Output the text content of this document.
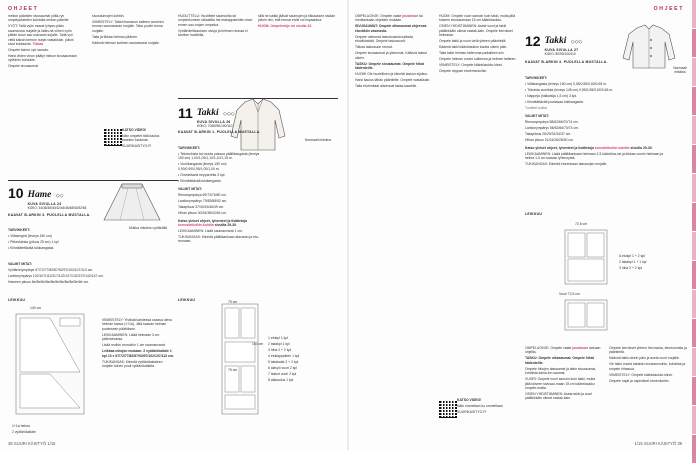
OHJEET

mekon pääntien sivusaumat yöltä-ryn ompelyalueiden kohdalla mekon pääntie

VYÖT: Taitä vyön osarat lyhyen-pään saumavara nurjalle ja kään-nä vöhen vyön pitkän sivun sau-mavarat nurjalle. Taitä vyö vielä kaksin kerroin nurjat vastakkain, jolloin sivut kohtaavat. Tikkaa

Ompele toinen vyö samoin.

Harsi viiden vinon päälyt mekon sivusaumaan vyötärön kohdalle.

Ompele sivusaumat.

sivusaumojen kohtiin.

VIIMEISTELY: Taita hihansuun kaiteen avoimen reunan saumavaran nurjalle. Taita puolin reuna nurjalle.

Taita ja tikkaa helman päärme.

Käännä helman kuitinen saumavarat nurjalle.

KATSO VIDEO!

Näin ompelet tätä kaulus bannien kaulusta

SUURIKASITYO.FI

HUOLITTELU: Huolittele saumurilla tai ompelukoneen siksakilla hel-makappaleiden sivut ennen sau-mojen ompelua.

Vyötäröleikkauksen sivuja ja helman reunaa ei tarvitse huolitella,

sillä ne kaikki jäävät saumojen ja tikkauksen sisään jolloin niin, että reunat eivät voi rispaantua.

HUOM: Ompeleohje on sivulla 23.

11 Takki ◇◇◇
KUVA SIVULLA 26
KOKO: 70/80/90/100/110
Normaali mitoitus
KAAVAT B-ARKIN 1. PUOLELLA MUSTALLA.

TARVIKKEET:

• Tekoturkista tai muuta paksua päällikangasta (leveys 150 cm) 1,00/1,05/1,10/1,10/1,15 m.

• Vuorikangasta (leveys 150 cm) 0,90/0,90/0,95/1,00/1,00 m.

• Ommeltavia nepparreita 3 kpl.

• Kiinnitättävää tukikangasta.

VALMIT MITAT:

Rinnanympärys 69/73/76/80 cm.

Lantionympärys 79/83/88/92 cm.

Takapituus 37/40/43/46/49 cm.

Hihan pituus 30/34/38/42/46 cm.

Katso yleiset ohjeet, lyhenteet ja lisätietoja kerrostettuihin kohtiin sivuilta 29-30.

LEIKKAAMINEN: Lisää saumanvarat 1 cm.

TUKIKANGAS: Kiinnitä päällikankaan alavaran ja etu-reunaan.

LEIKKUU	75 cm
150 cm
75 cm

1 etukpl 1 kpl

2 takakpl 1 kpl

3 hiha 2 + 2 kpl

4 etukappaleen 1 kpl

5 takakaita 2 + 2 kpl

6 alavyö vuori 2 kpl

7 taskut vuori 2 kpl

8 alakaulus 1 kpl

10 Hame ◇◇
KUVA SIVULLA 24
KOKO: 34/36/38/40/42/44/46/48/50/52/54
Mukka mitoitus vyötäröllä
KAAVAT B-ARKIN 3. PUOLELLA MUSTALLA.

TARVIKKEET:

• Villasergeä (leveys 150 cm)

• Pitkevlaksia (pituus 25 cm) 1 kpl

• Kiinnitätettävää tukikangasta.

VALMIT MITAT:

Vyötärönympärys 67/72/77/82/87/92/97/102/107/113 cm.

Lantionympärys 102/107/112/117/122/127/132/137/142/147 cm.

Hameen pituus 8e/8e/8e/8e/8e/8e/8e/8e/8e/8e/8e cm.

LEIKKUU
140 cm

1+1a helma

2 vyötärökaitale

VIIMEISTELY: Yhdistä kahdessa osassa oleva helman kaava (1+1a). Jätä kaavan helman puoleiseen päätöksen.

LEIKKAAMINEN: Lisää helmaan 3 cm päärmevaraa.

Lisää muihin reunoihin 1 cm saumanvarat.

Leikkaa mitojen mukaan: 2 vyötärökaitale 1 kpl 10 x 67/72/77/82/87/93/97/102/107/113 cm.

TUKIKANGAS: Kiinnitä vyötärökaitaleen nurjalle toinen puoli vyötärökaitalta.

38 SUURI KÄSITYÖ 1/15
OHJEET

OMPELUOHJE: Ompele vaate joustavan tai merikankaan ohjeiden mukaan.

SIVUSAUMAT: Ompele olkasaumat ohjeessa etuväkiin vasmasta.

Ompele olemmat taskutuuksia kaikista etuväkkaistä. Ompele taskuvuorit.

Tikkaa taskusuun reunat.

Ompele sivusaumat ja yläreunat. Käännä taskut oikein.

TASKU: Ompele sivusaumat. Ompele hihat kädenteille.

HUOM! Ole huolellinen ja kiinnitä taskun sijoitus.

Harsi kaulus tähän pääntielle. Ompele vastakkain.

Taita eturenkaat alareunat takas-kaarelle.

HUOM: Ompele vuori samoin kuin takki, mutta jätä toiseen sivusaumaan 15 cm kääntöaukko.

OSIEN YHDISTÄMINEN: Aseta vuori ja takki päällekkäin oikeat vastak-kain. Ompele kerrokset helmasta.

Ompele takki ja vuori vielä yhteen pääntieltä.

Käännä takki kääntöaukon kautta oikein päin.

Taita takin helman taiteroma paikalleen siin.

Ompele helman vuorin sulkeena ja helmen taitteen.

VIIMEISTELY: Ompele kääntöaukko kiinni.

Ompele neppari eturemeuinihin.

KATSO VIDEO!

Näin ommeltavi-ko ommellaan

SUURIKASITYO.FI

12 Takki ◇◇◇
KUVA SIVULLA 27
KOKO: 80/90/100/110
Normaali mitoitus
KAAVAT B-ARKIN 3. PUOLELLA MUSTALLA.

TARVIKKEET:

• Villakangasta (leveys 150 cm) 0,55/0,55/0,60/0,65 m.

• Trikoista vuorikka (leveys 145 cm) 0,55/0,55/0,60/0,65 m.

• Nappeja (halkaisija 1,5 cm) 3 kpl.

• Kiinnitättävää joustavaa tukikangasta.

Tuotteet kaikia

VALMIT MITAT:

Rinnanympärys 58/62/66/70/74 cm.

Lantionympärys 58/62/66/70/74 cm.

Takapituus 26/29/31/34/37 cm.

Hihan pituus 21/24/26/28/30 cm.

Katso yleiset ohjeet, lyhenteet ja lisätietoja korostettuihin kohtiin sivuilla 29-30.

LEIKKAAMINEN: Lisää päällikankaan helmaan 2,5 kääntöva-rat ja lekkaa vuorin helmaan ja helma 1,5 cm kaavan lyhennystä.

TUKIKANGAS: Kiinnitä eturenkaan alavarojen nurjalle.

LEIKKUU
72,5 cm
Vuori 72,5 cm

A etukpl 1 + 2 kpl

2 takakpl 1 + 1 kpl

3 hiha 2 + 2 kpl

OMPELUOHJE: Ompele vaate joustavan tarkaan ohjeilla.

TASKU: Ompele olkasaumat. Ompele hihat kädenteille.

Ompele hihojen alasaumat ja takin sivusaumat, kohdista kaina-lon saumat.

VUORI: Ompele vuori samoin kuin takki, mutta jätä toiseen sivusau-maan 15 cm kääntöaukko ompele-matta.

OSIEN YHDISTÄMINEN: Aseta takki ja vuori päällekkäin oikeat vastak-kain.

Ompele kerrokset yhteen hel-masta, etureunoista ja pääntieltä.

Käännä takki oikein päin ja aseta vuori nurjalle.

Vie takin vuoria takaisin sivusaumoihin, kohdista ja ompele hihasuut.

VIIMEISTELY: Ompele kääntöaukko kiinni.

Ompele napit ja napinlävet eturenkoihin.

1/15 SUURI KÄSITYÖ 39
